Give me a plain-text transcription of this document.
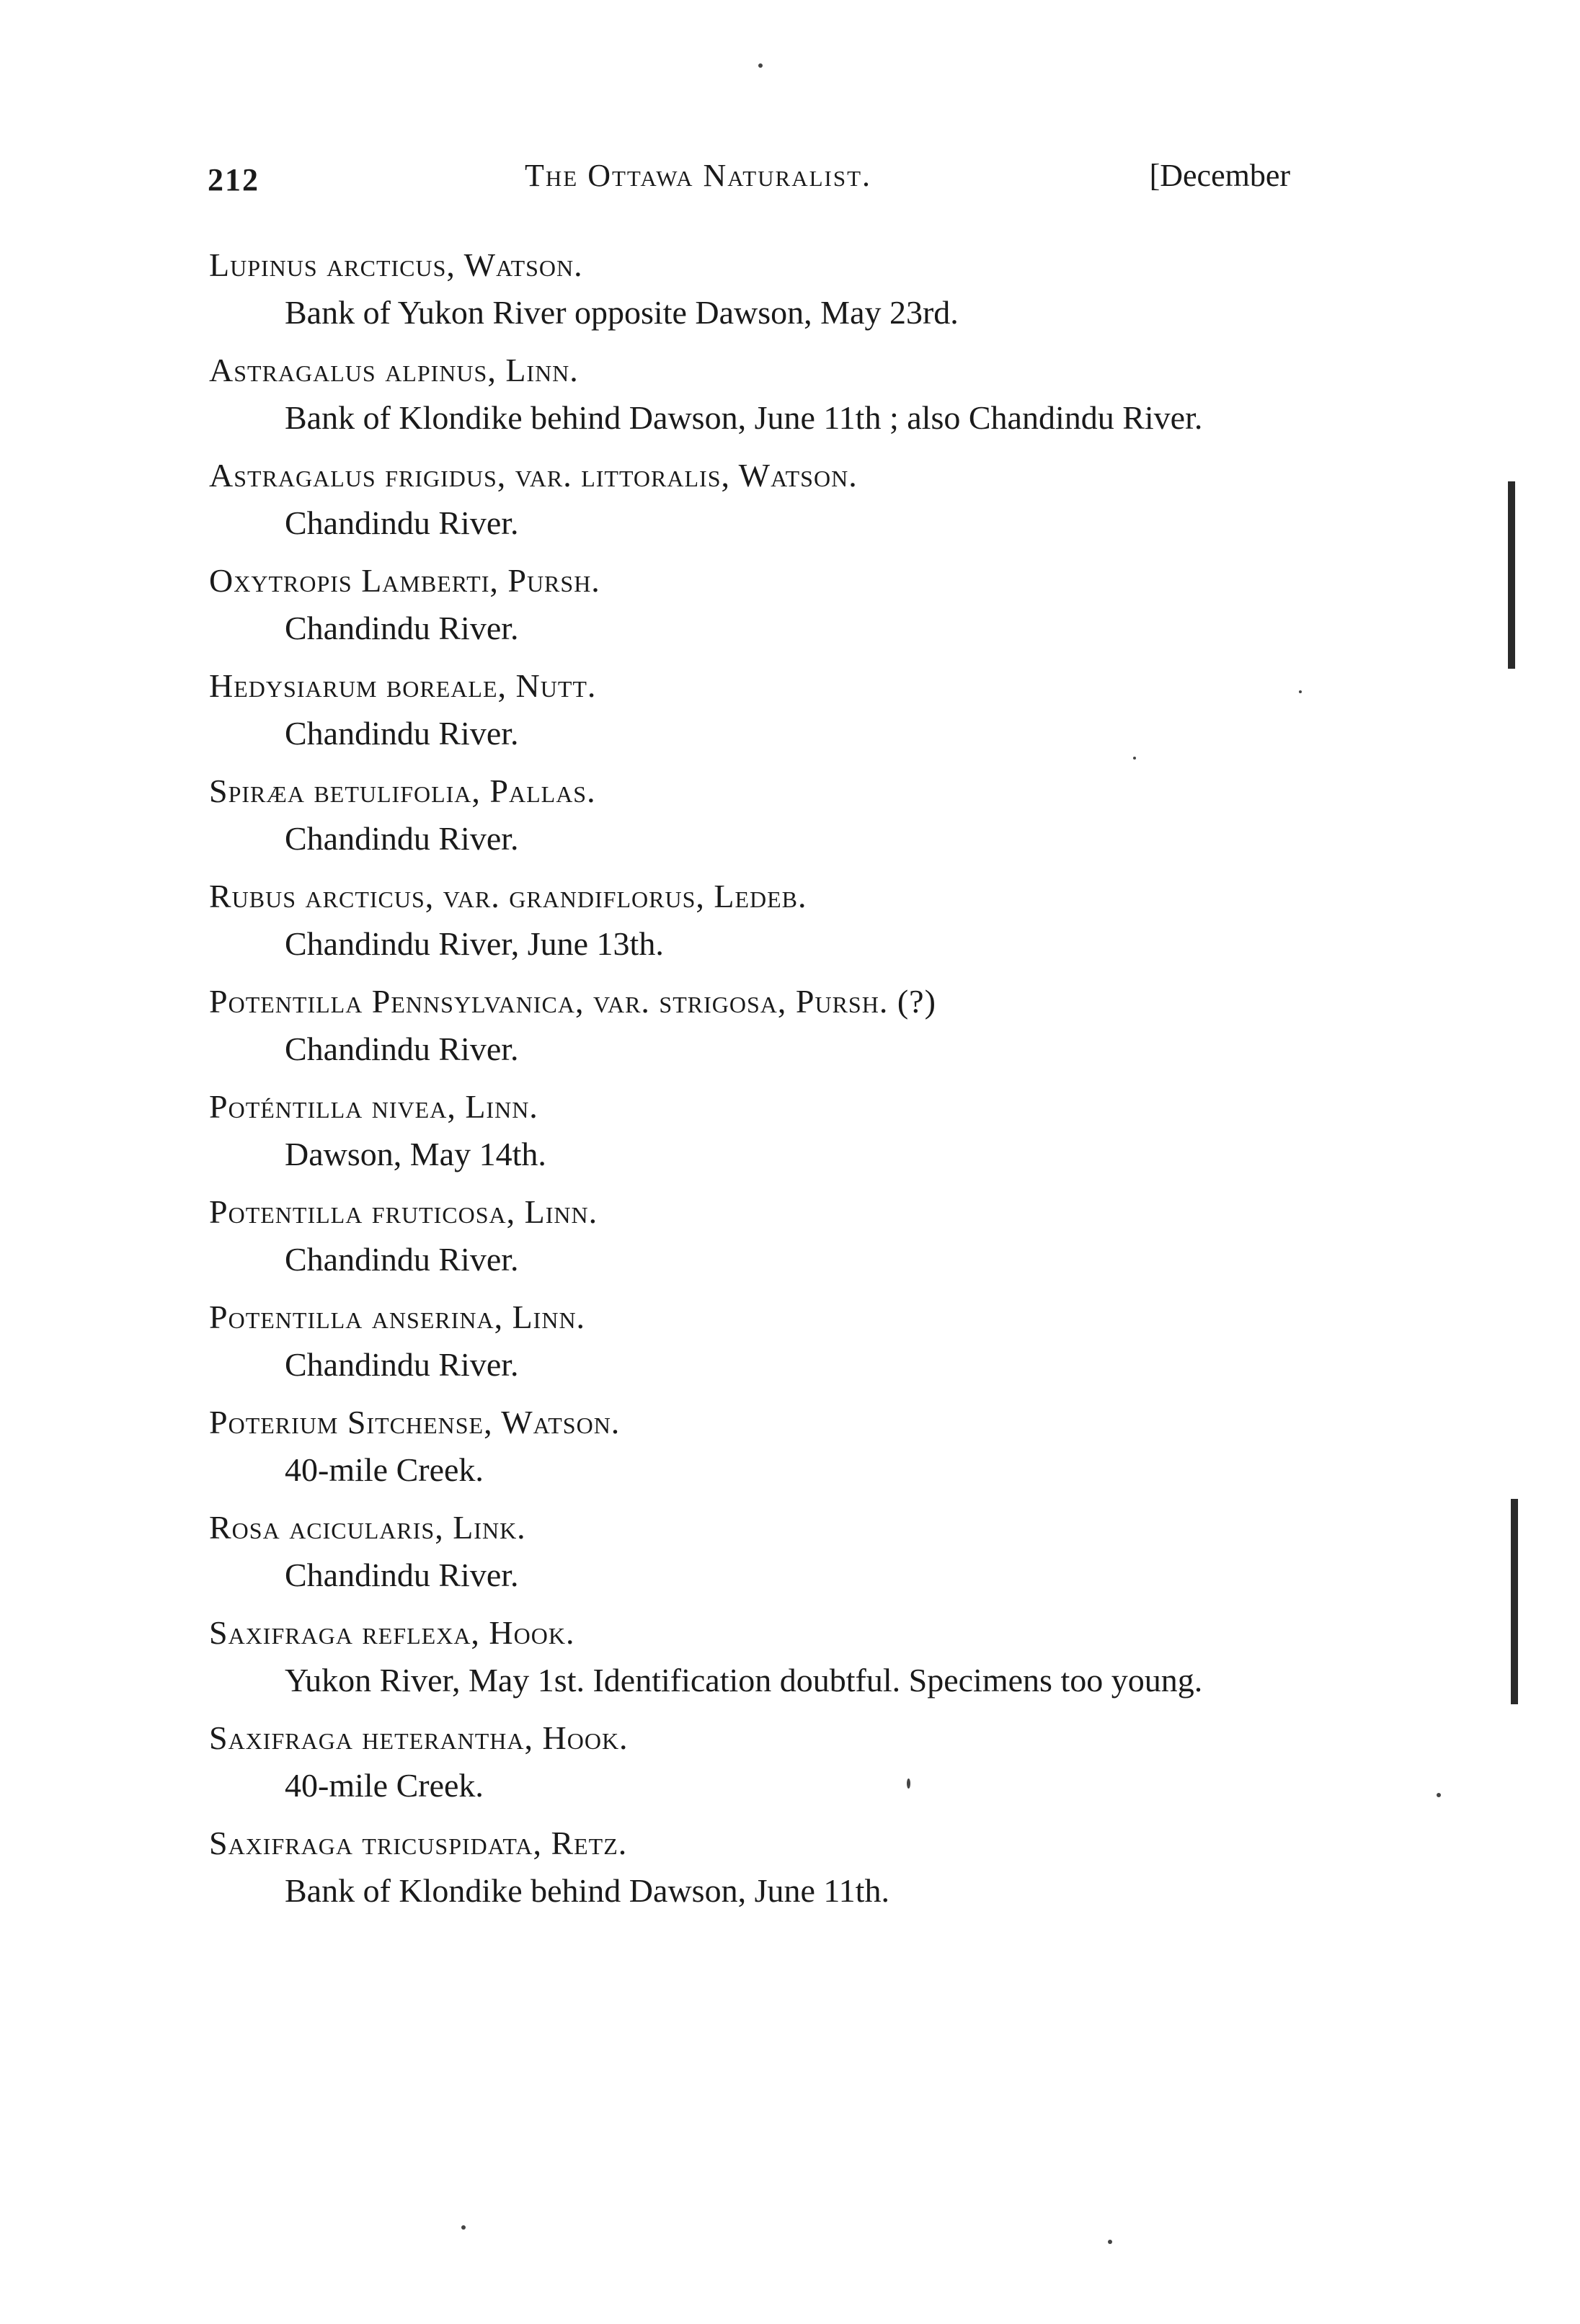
212	The Ottawa Naturalist.	[December
Lupinus arcticus, Watson.
Bank of Yukon River opposite Dawson, May 23rd.
Astragalus alpinus, Linn.
Bank of Klondike behind Dawson, June 11th ; also Chandindu River.
Astragalus frigidus, var. littoralis, Watson.
Chandindu River.
Oxytropis Lamberti, Pursh.
Chandindu River.
Hedysiarum boreale, Nutt.
Chandindu River.
Spiræa betulifolia, Pallas.
Chandindu River.
Rubus arcticus, var. grandiflorus, Ledeb.
Chandindu River, June 13th.
Potentilla Pennsylvanica, var. strigosa, Pursh. (?)
Chandindu River.
Poténtilla nivea, Linn.
Dawson, May 14th.
Potentilla fruticosa, Linn.
Chandindu River.
Potentilla anserina, Linn.
Chandindu River.
Poterium Sitchense, Watson.
40-mile Creek.
Rosa acicularis, Link.
Chandindu River.
Saxifraga reflexa, Hook.
Yukon River, May 1st. Identification doubtful. Specimens too young.
Saxifraga heterantha, Hook.
40-mile Creek.
Saxifraga tricuspidata, Retz.
Bank of Klondike behind Dawson, June 11th.
